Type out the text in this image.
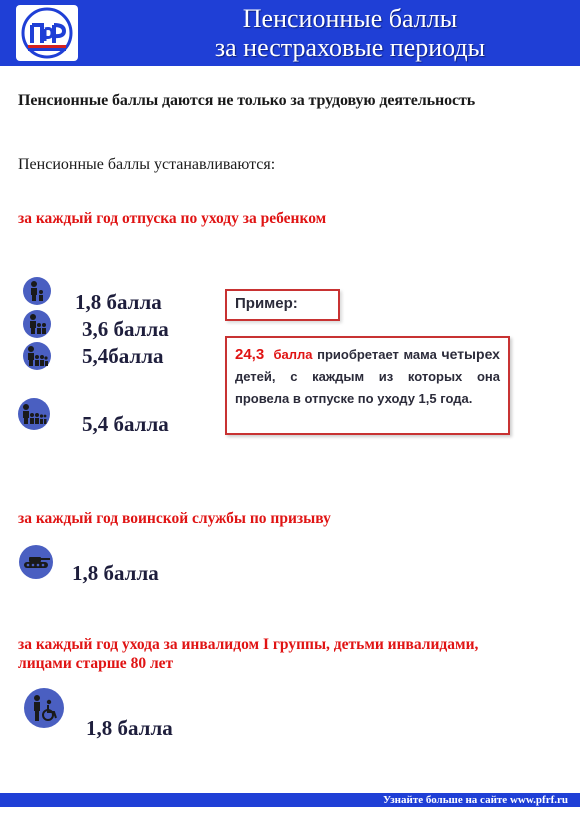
Пенсионные баллы
за нестраховые периоды
Пенсионные баллы даются не только за трудовую деятельность
Пенсионные баллы устанавливаются:
за каждый год отпуска по уходу за ребенком
1,8 балла
3,6 балла
5,4балла
5,4 балла
Пример:
24,3 балла приобретает мама четырех детей, с каждым из которых она провела в отпуске по уходу 1,5 года.
за каждый год воинской службы по призыву
1,8 балла
за каждый год ухода за инвалидом I группы, детьми инвалидами,
лицами старше 80 лет
1,8 балла
Узнайте больше на сайте www.pfrf.ru
